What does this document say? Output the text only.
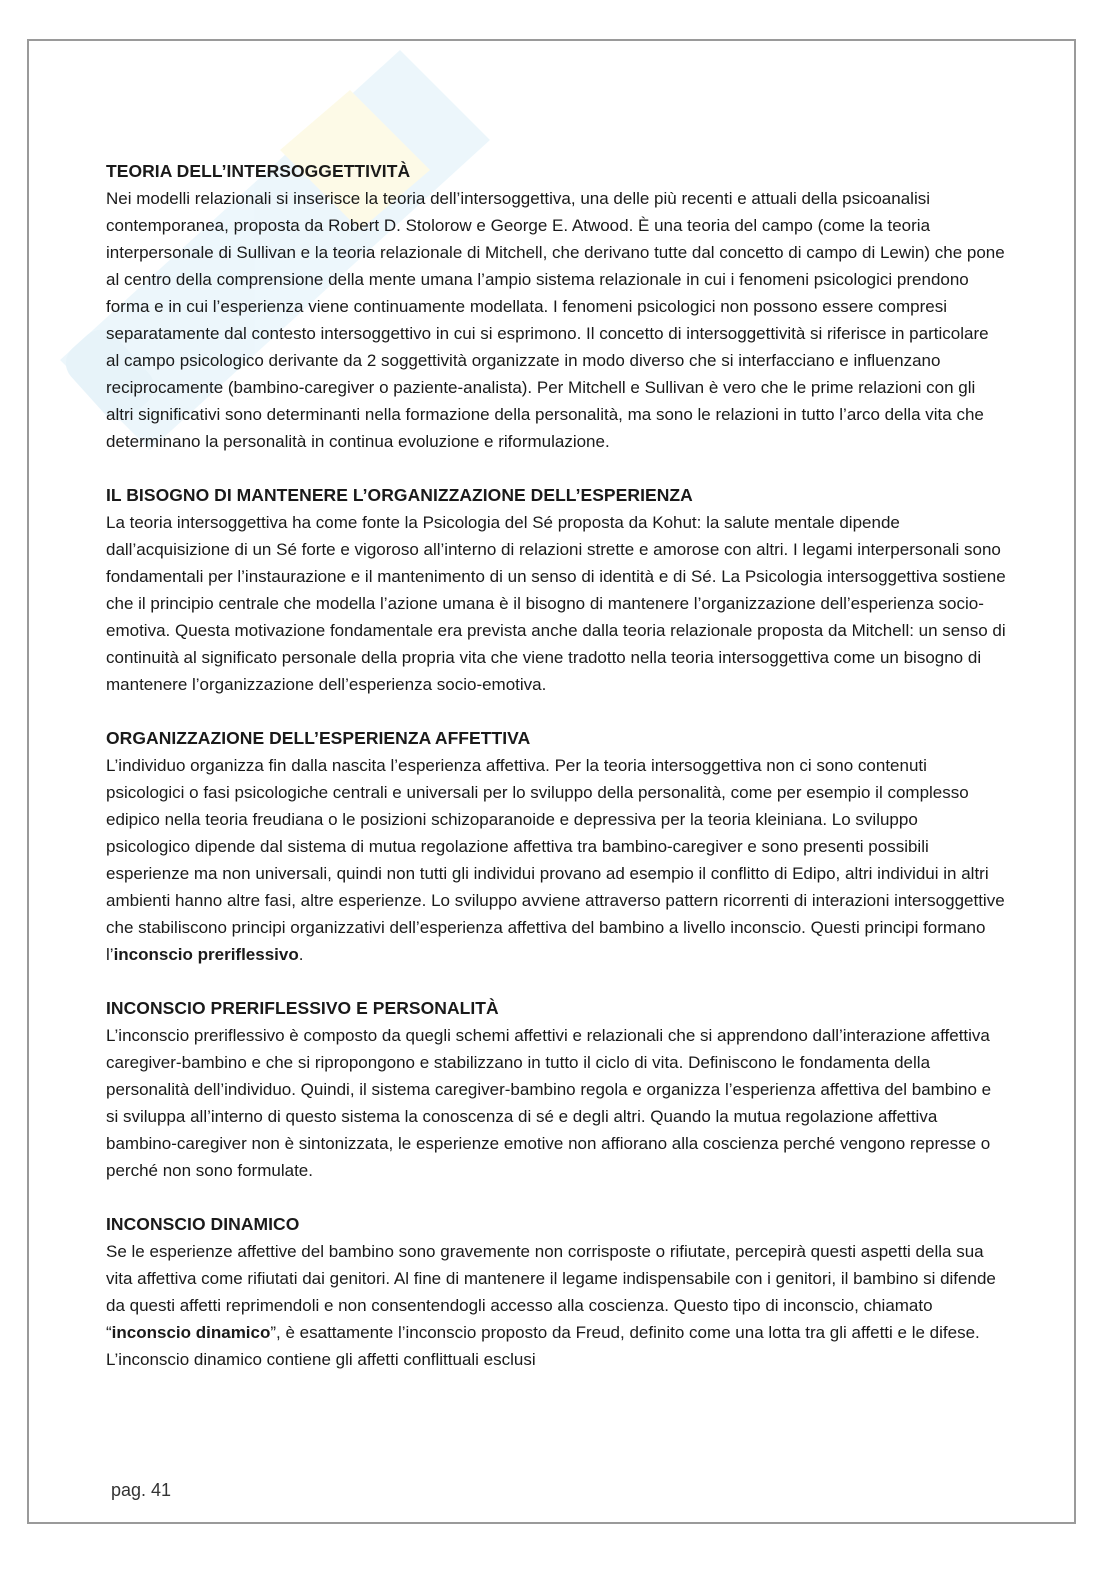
TEORIA DELL’INTERSOGGETTIVITÀ

Nei modelli relazionali si inserisce la teoria dell’intersoggettiva, una delle più recenti e attuali della psicoanalisi contemporanea, proposta da Robert D. Stolorow e George E. Atwood. È una teoria del campo (come la teoria interpersonale di Sullivan e la teoria relazionale di Mitchell, che derivano tutte dal concetto di campo di Lewin) che pone al centro della comprensione della mente umana l’ampio sistema relazionale in cui i fenomeni psicologici prendono forma e in cui l’esperienza viene continuamente modellata. I fenomeni psicologici non possono essere compresi separatamente dal contesto intersoggettivo in cui si esprimono. Il concetto di intersoggettività si riferisce in particolare al campo psicologico derivante da 2 soggettività organizzate in modo diverso che si interfacciano e influenzano reciprocamente (bambino-caregiver o paziente-analista). Per Mitchell e Sullivan è vero che le prime relazioni con gli altri significativi sono determinanti nella formazione della personalità, ma sono le relazioni in tutto l’arco della vita che determinano la personalità in continua evoluzione e riformulazione.

IL BISOGNO DI MANTENERE L’ORGANIZZAZIONE DELL’ESPERIENZA

La teoria intersoggettiva ha come fonte la Psicologia del Sé proposta da Kohut: la salute mentale dipende dall’acquisizione di un Sé forte e vigoroso all’interno di relazioni strette e amorose con altri. I legami interpersonali sono fondamentali per l’instaurazione e il mantenimento di un senso di identità e di Sé. La Psicologia intersoggettiva sostiene che il principio centrale che modella l’azione umana è il bisogno di mantenere l’organizzazione dell’esperienza socio-emotiva. Questa motivazione fondamentale era prevista anche dalla teoria relazionale proposta da Mitchell: un senso di continuità al significato personale della propria vita che viene tradotto nella teoria intersoggettiva come un bisogno di mantenere l’organizzazione dell’esperienza socio-emotiva.

ORGANIZZAZIONE DELL’ESPERIENZA AFFETTIVA

L’individuo organizza fin dalla nascita l’esperienza affettiva. Per la teoria intersoggettiva non ci sono contenuti psicologici o fasi psicologiche centrali e universali per lo sviluppo della personalità, come per esempio il complesso edipico nella teoria freudiana o le posizioni schizoparanoide e depressiva per la teoria kleiniana. Lo sviluppo psicologico dipende dal sistema di mutua regolazione affettiva tra bambino-caregiver e sono presenti possibili esperienze ma non universali, quindi non tutti gli individui provano ad esempio il conflitto di Edipo, altri individui in altri ambienti hanno altre fasi, altre esperienze. Lo sviluppo avviene attraverso pattern ricorrenti di interazioni intersoggettive che stabiliscono principi organizzativi dell’esperienza affettiva del bambino a livello inconscio. Questi principi formano l’inconscio preriflessivo.

INCONSCIO PRERIFLESSIVO E PERSONALITÀ

L’inconscio preriflessivo è composto da quegli schemi affettivi e relazionali che si apprendono dall’interazione affettiva caregiver-bambino e che si ripropongono e stabilizzano in tutto il ciclo di vita. Definiscono le fondamenta della personalità dell’individuo. Quindi, il sistema caregiver-bambino regola e organizza l’esperienza affettiva del bambino e si sviluppa all’interno di questo sistema la conoscenza di sé e degli altri. Quando la mutua regolazione affettiva bambino-caregiver non è sintonizzata, le esperienze emotive non affiorano alla coscienza perché vengono represse o perché non sono formulate.

INCONSCIO DINAMICO

Se le esperienze affettive del bambino sono gravemente non corrisposte o rifiutate, percepirà questi aspetti della sua vita affettiva come rifiutati dai genitori. Al fine di mantenere il legame indispensabile con i genitori, il bambino si difende da questi affetti reprimendoli e non consentendogli accesso alla coscienza. Questo tipo di inconscio, chiamato “inconscio dinamico”, è esattamente l’inconscio proposto da Freud, definito come una lotta tra gli affetti e le difese. L’inconscio dinamico contiene gli affetti conflittuali esclusi

pag. 41
